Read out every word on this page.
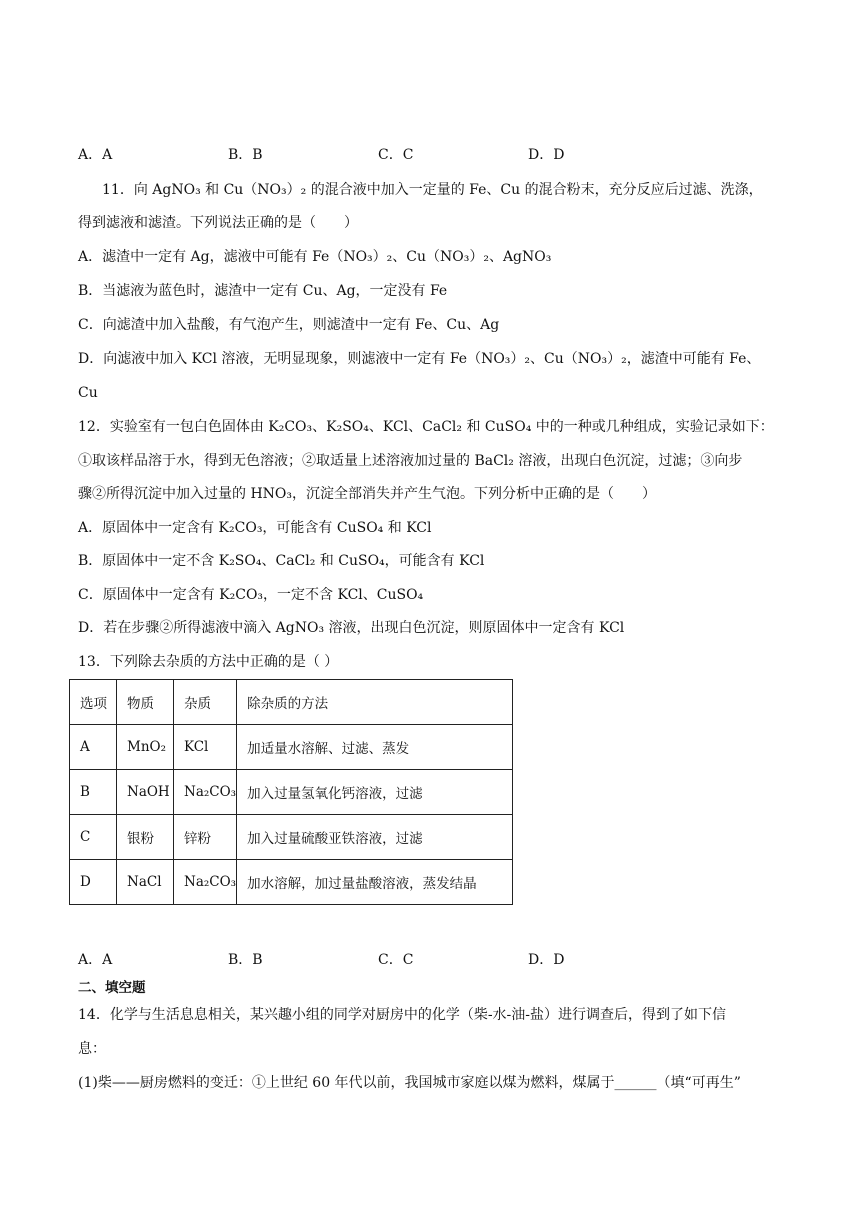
A．A	B．B	C．C	D．D
11．向 AgNO₃ 和 Cu（NO₃）₂ 的混合液中加入一定量的 Fe、Cu 的混合粉末，充分反应后过滤、洗涤，
得到滤液和滤渣。下列说法正确的是（　　）
A．滤渣中一定有 Ag，滤液中可能有 Fe（NO₃）₂、Cu（NO₃）₂、AgNO₃
B．当滤液为蓝色时，滤渣中一定有 Cu、Ag，一定没有 Fe
C．向滤渣中加入盐酸，有气泡产生，则滤渣中一定有 Fe、Cu、Ag
D．向滤液中加入 KCl 溶液，无明显现象，则滤液中一定有 Fe（NO₃）₂、Cu（NO₃）₂，滤渣中可能有 Fe、
Cu
12．实验室有一包白色固体由 K₂CO₃、K₂SO₄、KCl、CaCl₂ 和 CuSO₄ 中的一种或几种组成，实验记录如下：
①取该样品溶于水，得到无色溶液；②取适量上述溶液加过量的 BaCl₂ 溶液，出现白色沉淀，过滤；③向步
骤②所得沉淀中加入过量的 HNO₃，沉淀全部消失并产生气泡。下列分析中正确的是（　　）
A．原固体中一定含有 K₂CO₃，可能含有 CuSO₄ 和 KCl
B．原固体中一定不含 K₂SO₄、CaCl₂ 和 CuSO₄，可能含有 KCl
C．原固体中一定含有 K₂CO₃，一定不含 KCl、CuSO₄
D．若在步骤②所得滤液中滴入 AgNO₃ 溶液，出现白色沉淀，则原固体中一定含有 KCl
13．下列除去杂质的方法中正确的是（ ）
选项	物质	杂质	除杂质的方法
A	MnO₂	KCl	加适量水溶解、过滤、蒸发
B	NaOH	Na₂CO₃	加入过量氢氧化钙溶液，过滤
C	银粉	锌粉	加入过量硫酸亚铁溶液，过滤
D	NaCl	Na₂CO₃	加水溶解，加过量盐酸溶液，蒸发结晶
A．A	B．B	C．C	D．D
二、填空题
14．化学与生活息息相关，某兴趣小组的同学对厨房中的化学（柴-水-油-盐）进行调查后，得到了如下信
息：
(1)柴——厨房燃料的变迁：①上世纪 60 年代以前，我国城市家庭以煤为燃料，煤属于______（填“可再生”
